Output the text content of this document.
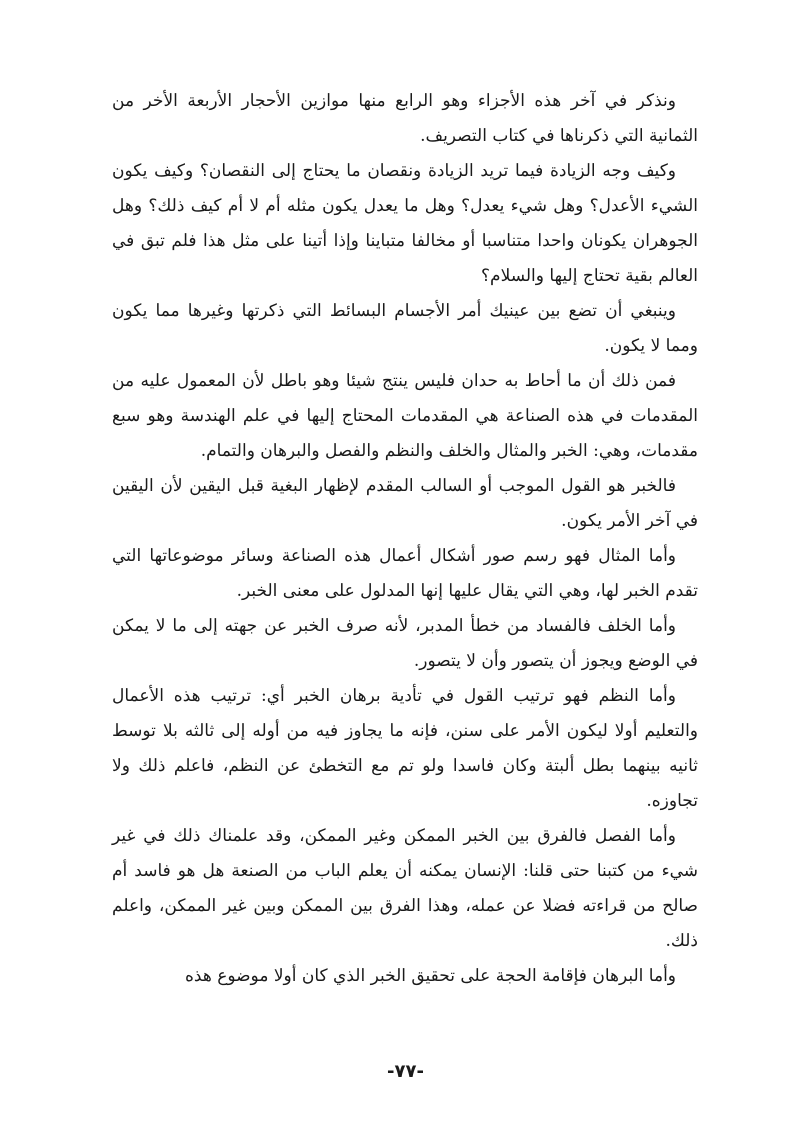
ونذكر في آخر هذه الأجزاء وهو الرابع منها موازين الأحجار الأربعة الأخر من الثمانية التي ذكرناها في كتاب التصريف.

وكيف وجه الزيادة فيما تريد الزيادة ونقصان ما يحتاج إلى النقصان؟ وكيف يكون الشيء الأعدل؟ وهل شيء يعدل؟ وهل ما يعدل يكون مثله أم لا أم كيف ذلك؟ وهل الجوهران يكونان واحدا متناسبا أو مخالفا متباينا وإذا أتينا على مثل هذا فلم تبق في العالم بقية تحتاج إليها والسلام؟

وينبغي أن تضع بين عينيك أمر الأجسام البسائط التي ذكرتها وغيرها مما يكون ومما لا يكون.

فمن ذلك أن ما أحاط به حدان فليس ينتج شيئا وهو باطل لأن المعمول عليه من المقدمات في هذه الصناعة هي المقدمات المحتاج إليها في علم الهندسة وهو سبع مقدمات، وهي: الخبر والمثال والخلف والنظم والفصل والبرهان والتمام.

فالخبر هو القول الموجب أو السالب المقدم لإظهار البغية قبل اليقين لأن اليقين في آخر الأمر يكون.

وأما المثال فهو رسم صور أشكال أعمال هذه الصناعة وسائر موضوعاتها التي تقدم الخبر لها، وهي التي يقال عليها إنها المدلول على معنى الخبر.

وأما الخلف فالفساد من خطأ المدبر، لأنه صرف الخبر عن جهته إلى ما لا يمكن في الوضع ويجوز أن يتصور وأن لا يتصور.

وأما النظم فهو ترتيب القول في تأدية برهان الخبر أي: ترتيب هذه الأعمال والتعليم أولا ليكون الأمر على سنن، فإنه ما يجاوز فيه من أوله إلى ثالثه بلا توسط ثانيه بينهما بطل ألبتة وكان فاسدا ولو تم مع التخطئ عن النظم، فاعلم ذلك ولا تجاوزه.

وأما الفصل فالفرق بين الخبر الممكن وغير الممكن، وقد علمناك ذلك في غير شيء من كتبنا حتى قلنا: الإنسان يمكنه أن يعلم الباب من الصنعة هل هو فاسد أم صالح من قراءته فضلا عن عمله، وهذا الفرق بين الممكن وبين غير الممكن، واعلم ذلك.

وأما البرهان فإقامة الحجة على تحقيق الخبر الذي كان أولا موضوع هذه

-٧٧-
